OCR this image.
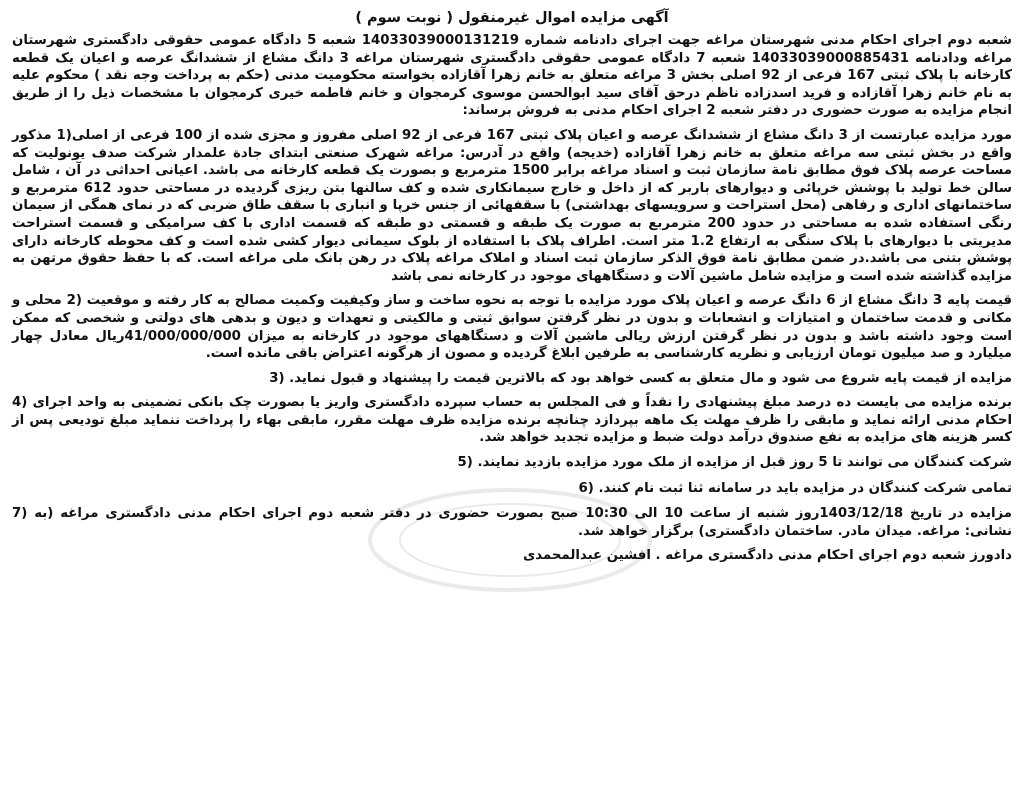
آگهی مزایده اموال غیرمنقول ( نوبت سوم )
شعبه دوم اجرای احکام مدنی شهرستان مراغه جهت اجرای دادنامه شماره 14033039000131219 شعبه 5 دادگاه عمومی حقوقی دادگستری شهرستان مراغه ودادنامه 14033039000885431 شعبه 7 دادگاه عمومی حقوقی دادگستری شهرستان مراغه 3 دانگ مشاع از ششدانگ عرصه و اعیان یک قطعه کارخانه با پلاک ثبتی 167 فرعی از 92 اصلی بخش 3 مراغه متعلق به خانم زهرا آقازاده بخواسته محکومیت مدنی (حکم به پرداخت وجه نقد ) محکوم علیه به نام خانم زهرا آقازاده و فرید اسدزاده ناظم درحق آقای سید ابوالحسن موسوی کرمجوان و خانم فاطمه خیری کرمجوان با مشخصات ذیل را از طریق انجام مزایده به صورت حضوری در دفتر شعبه 2 اجرای احکام مدنی به فروش برساند:
مورد مزایده عبارتست از 3 دانگ مشاع از ششدانگ عرصه و اعیان پلاک ثبتی 167 فرعی از 92 اصلی مفروز و مجزی شده از 100 فرعی از اصلی(1 مذکور واقع در بخش ثبتی سه مراغه متعلق به خانم زهرا آقازاده (خدیجه) واقع در آدرس: مراغه شهرک صنعتی ابتدای جادة علمدار شرکت صدف یونولیت که مساحت عرصه پلاک فوق مطابق نامة سازمان ثبت و اسناد مراغه برابر 1500 مترمربع و بصورت یک قطعه کارخانه می باشد. اعیانی احداثی در آن ، شامل سالن خط تولید با پوشش خرپائی و دیوارهای باربر که از داخل و خارج سیمانکاری شده و کف سالنها بتن ریزی گردیده در مساحتی حدود 612 مترمربع و ساختمانهای اداری و رفاهی (محل استراحت و سرویسهای بهداشتی) با سقفهائی از جنس خرپا و انباری با سقف طاق ضربی که در نمای همگی از سیمان رنگی استفاده شده به مساحتی در حدود 200 مترمربع به صورت یک طبقه و قسمتی دو طبقه که قسمت اداری با کف سرامیکی و قسمت استراحت مدیریتی با دیوارهای با پلاک سنگی به ارتفاع 1.2 متر است. اطراف پلاک با استفاده از بلوک سیمانی دیوار کشی شده است و کف محوطه کارخانه دارای پوشش بتنی می باشد.در ضمن مطابق نامة فوق الذکر سازمان ثبت اسناد و املاک مراغه پلاک در رهن بانک ملی مراغه است. که با حفظ حقوق مرتهن به مزایده گذاشته شده است و مزایده شامل ماشین آلات و دستگاههای موجود در کارخانه نمی باشد
قیمت پایه 3 دانگ مشاع از 6 دانگ عرصه و اعیان پلاک مورد مزایده با توجه به نحوه ساخت و ساز وکیفیت وکمیت مصالح به کار رفته و موقعیت (2 محلی و مکانی و قدمت ساختمان و امتیازات و انشعابات و بدون در نظر گرفتن سوابق ثبتی و مالکیتی و تعهدات و دیون و بدهی های دولتی و شخصی که ممکن است وجود داشته باشد و بدون در نظر گرفتن ارزش ریالی ماشین آلات و دستگاههای موجود در کارخانه به میزان 41/000/000/000ریال معادل چهار میلیارد و صد میلیون تومان ارزیابی و نظریه کارشناسی به طرفین ابلاغ گردیده و مصون از هرگونه اعتراض باقی مانده است.
مزایده از قیمت پایه شروع می شود و مال متعلق به کسی خواهد بود که بالاترین قیمت را پیشنهاد و قبول نماید. (3
برنده مزایده می بایست ده درصد مبلغ پیشنهادی را نقداً و فی المجلس به حساب سپرده دادگستری واریز یا بصورت چک بانکی تضمینی به واحد اجرای (4 احکام مدنی ارائه نماید و مابقی را ظرف مهلت یک ماهه بپردازد چنانچه برنده مزایده ظرف مهلت مقرر، مابقی بهاء را پرداخت ننماید مبلغ تودیعی پس از کسر هزینه های مزایده به نفع صندوق درآمد دولت ضبط و مزایده تجدید خواهد شد.
شرکت کنندگان می توانند تا 5 روز قبل از مزایده از ملک مورد مزایده بازدید نمایند. (5
تمامی شرکت کنندگان در مزایده باید در سامانه ثنا ثبت نام کنند. (6
مزایده در تاریخ 1403/12/18روز شنبه از ساعت 10 الی 10:30 صبح بصورت حضوری در دفتر شعبه دوم اجرای احکام مدنی دادگستری مراغه (به (7 نشانی: مراغه. میدان مادر. ساختمان دادگستری) برگزار خواهد شد.
دادورز شعبه دوم اجرای احکام مدنی دادگستری مراغه . افشین عبدالمحمدی
